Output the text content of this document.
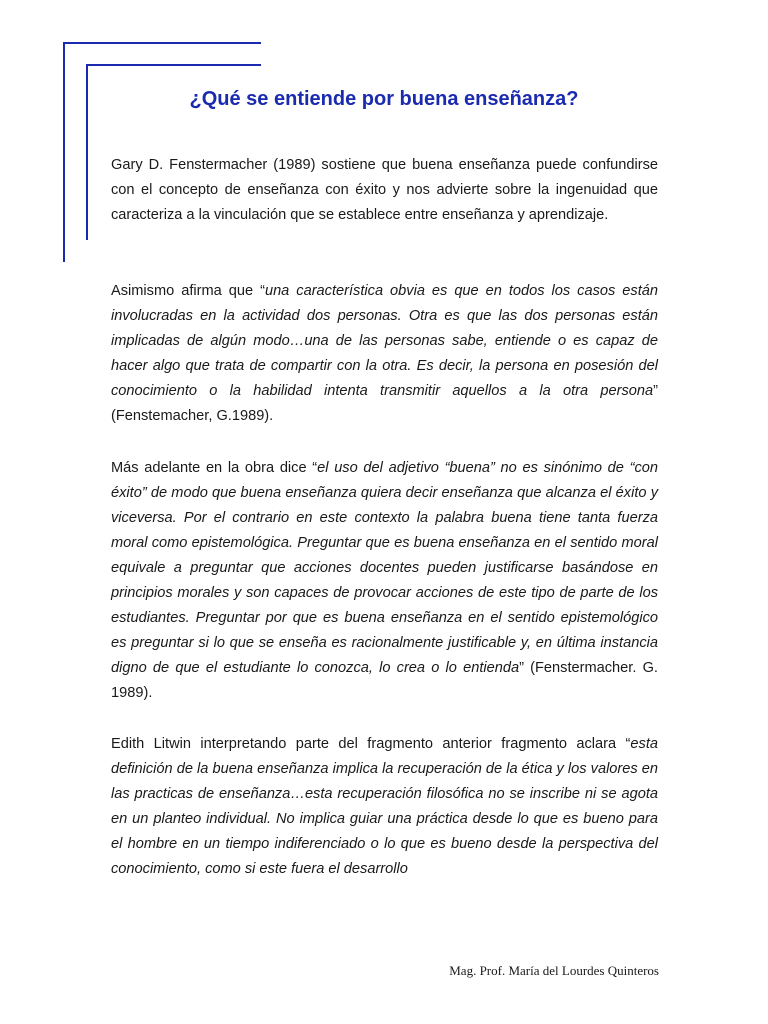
¿Qué se entiende por buena enseñanza?

Gary D. Fenstermacher (1989) sostiene que buena enseñanza puede confundirse con el concepto de enseñanza con éxito y nos advierte sobre la ingenuidad que caracteriza a la vinculación que se establece entre enseñanza y aprendizaje.

Asimismo afirma que “una característica obvia es que en todos los casos están involucradas en la actividad dos personas. Otra es que las dos personas están implicadas de algún modo…una de las personas sabe, entiende o es capaz de hacer algo que trata de compartir con la otra. Es decir, la persona en posesión del conocimiento o la habilidad intenta transmitir aquellos a la otra persona” (Fenstemacher, G.1989).

Más adelante en la obra dice “el uso del adjetivo “buena” no es sinónimo de “con éxito” de modo que buena enseñanza quiera decir enseñanza que alcanza el éxito y viceversa. Por el contrario en este contexto la palabra buena tiene tanta fuerza moral como epistemológica. Preguntar que es buena enseñanza en el sentido moral equivale a preguntar que acciones docentes pueden justificarse basándose en principios morales y son capaces de provocar acciones de este tipo de parte de los estudiantes. Preguntar por que es buena enseñanza en el sentido epistemológico es preguntar si lo que se enseña es racionalmente justificable y, en última instancia digno de que el estudiante lo conozca, lo crea o lo entienda” (Fenstermacher. G. 1989).

Edith Litwin interpretando parte del fragmento anterior fragmento aclara “esta definición de la buena enseñanza implica la recuperación de la ética y los valores en las practicas de enseñanza…esta recuperación filosófica no se inscribe ni se agota en un planteo individual. No implica guiar una práctica desde lo que es bueno para el hombre en un tiempo indiferenciado o lo que es bueno desde la perspectiva del conocimiento, como si este fuera el desarrollo

Mag. Prof. María del Lourdes Quinteros
